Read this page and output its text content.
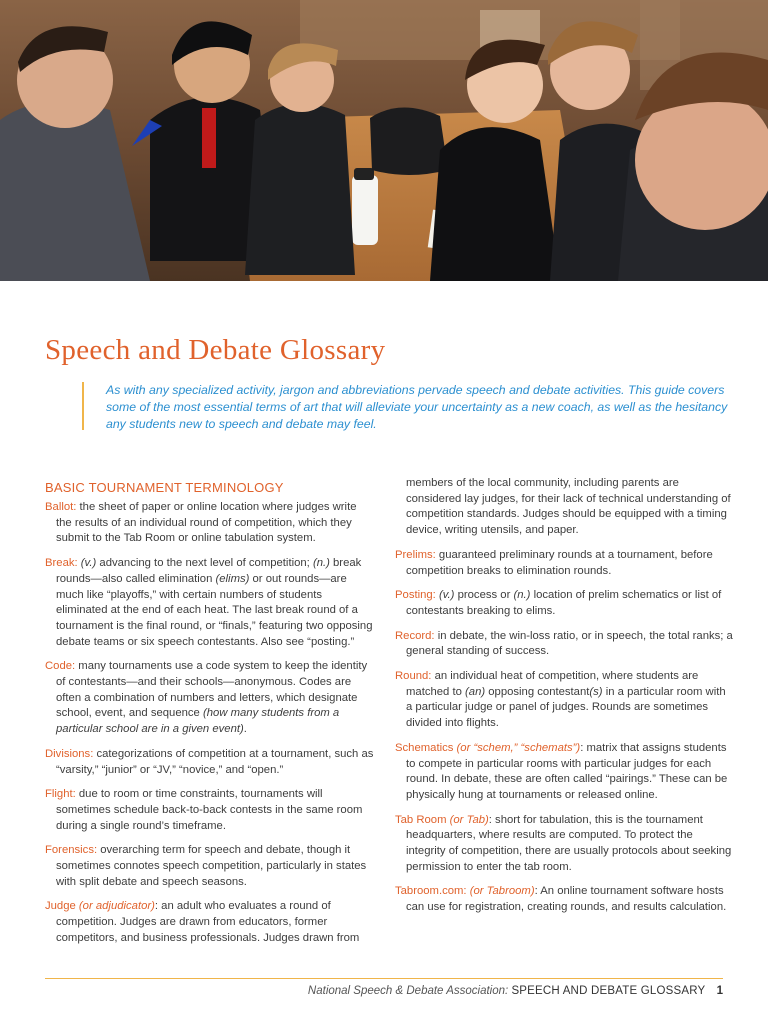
Speech and Debate Glossary

As with any specialized activity, jargon and abbreviations pervade speech and debate activities. This guide covers some of the most essential terms of art that will alleviate your uncertainty as a new coach, as well as the hesitancy any students new to speech and debate may feel.

BASIC TOURNAMENT TERMINOLOGY
Ballot: the sheet of paper or online location where judges write the results of an individual round of competition, which they submit to the Tab Room or online tabulation system.
Break: (v.) advancing to the next level of competition; (n.) break rounds—also called elimination (elims) or out rounds—are much like “playoffs,” with certain numbers of students eliminated at the end of each heat. The last break round of a tournament is the final round, or “finals,” featuring two opposing debate teams or six speech contestants. Also see “posting.”
Code: many tournaments use a code system to keep the identity of contestants—and their schools—anonymous. Codes are often a combination of numbers and letters, which designate school, event, and sequence (how many students from a particular school are in a given event).
Divisions: categorizations of competition at a tournament, such as “varsity,” “junior” or “JV,” “novice,” and “open.”
Flight: due to room or time constraints, tournaments will sometimes schedule back-to-back contests in the same room during a single round’s timeframe.
Forensics: overarching term for speech and debate, though it sometimes connotes speech competition, particularly in states with split debate and speech seasons.
Judge (or adjudicator): an adult who evaluates a round of competition. Judges are drawn from educators, former competitors, and business professionals. Judges drawn from
members of the local community, including parents are considered lay judges, for their lack of technical understanding of competition standards. Judges should be equipped with a timing device, writing utensils, and paper.
Prelims: guaranteed preliminary rounds at a tournament, before competition breaks to elimination rounds.
Posting: (v.) process or (n.) location of prelim schematics or list of contestants breaking to elims.
Record: in debate, the win-loss ratio, or in speech, the total ranks; a general standing of success.
Round: an individual heat of competition, where students are matched to (an) opposing contestant(s) in a particular room with a particular judge or panel of judges. Rounds are sometimes divided into flights.
Schematics (or “schem,” “schemats”): matrix that assigns students to compete in particular rooms with particular judges for each round. In debate, these are often called “pairings.” These can be physically hung at tournaments or released online.
Tab Room (or Tab): short for tabulation, this is the tournament headquarters, where results are computed. To protect the integrity of competition, there are usually protocols about seeking permission to enter the tab room.
Tabroom.com: (or Tabroom): An online tournament software hosts can use for registration, creating rounds, and results calculation.
National Speech & Debate Association: SPEECH AND DEBATE GLOSSARY 1
